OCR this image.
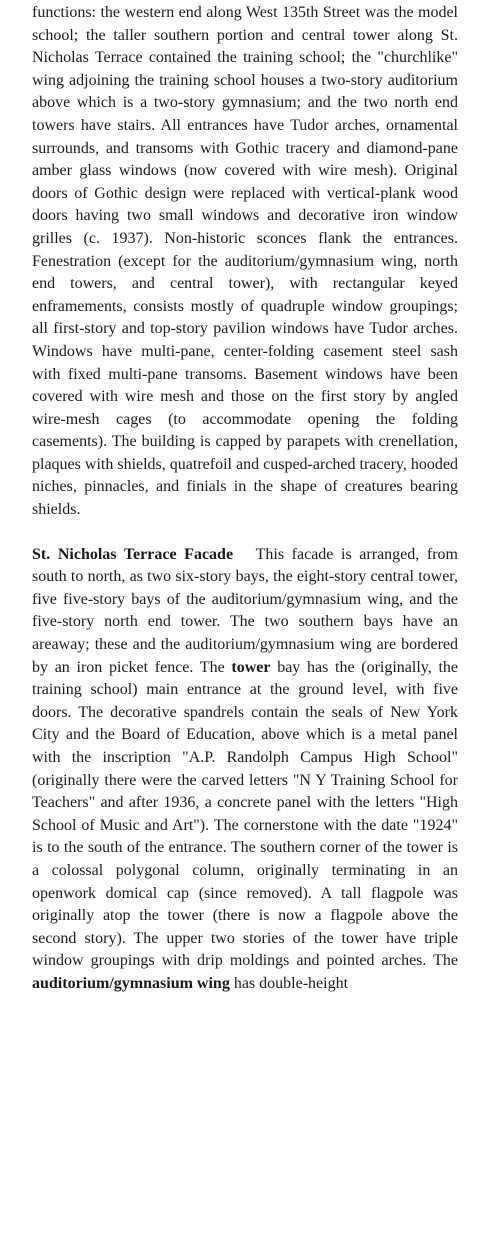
functions: the western end along West 135th Street was the model school; the taller southern portion and central tower along St. Nicholas Terrace contained the training school; the "churchlike" wing adjoining the training school houses a two-story auditorium above which is a two-story gymnasium; and the two north end towers have stairs. All entrances have Tudor arches, ornamental surrounds, and transoms with Gothic tracery and diamond-pane amber glass windows (now covered with wire mesh). Original doors of Gothic design were replaced with vertical-plank wood doors having two small windows and decorative iron window grilles (c. 1937). Non-historic sconces flank the entrances. Fenestration (except for the auditorium/gymnasium wing, north end towers, and central tower), with rectangular keyed enframements, consists mostly of quadruple window groupings; all first-story and top-story pavilion windows have Tudor arches. Windows have multi-pane, center-folding casement steel sash with fixed multi-pane transoms. Basement windows have been covered with wire mesh and those on the first story by angled wire-mesh cages (to accommodate opening the folding casements). The building is capped by parapets with crenellation, plaques with shields, quatrefoil and cusped-arched tracery, hooded niches, pinnacles, and finials in the shape of creatures bearing shields.

St. Nicholas Terrace Facade This facade is arranged, from south to north, as two six-story bays, the eight-story central tower, five five-story bays of the auditorium/gymnasium wing, and the five-story north end tower. The two southern bays have an areaway; these and the auditorium/gymnasium wing are bordered by an iron picket fence. The tower bay has the (originally, the training school) main entrance at the ground level, with five doors. The decorative spandrels contain the seals of New York City and the Board of Education, above which is a metal panel with the inscription "A.P. Randolph Campus High School" (originally there were the carved letters "N Y Training School for Teachers" and after 1936, a concrete panel with the letters "High School of Music and Art"). The cornerstone with the date "1924" is to the south of the entrance. The southern corner of the tower is a colossal polygonal column, originally terminating in an openwork domical cap (since removed). A tall flagpole was originally atop the tower (there is now a flagpole above the second story). The upper two stories of the tower have triple window groupings with drip moldings and pointed arches. The auditorium/gymnasium wing has double-height
